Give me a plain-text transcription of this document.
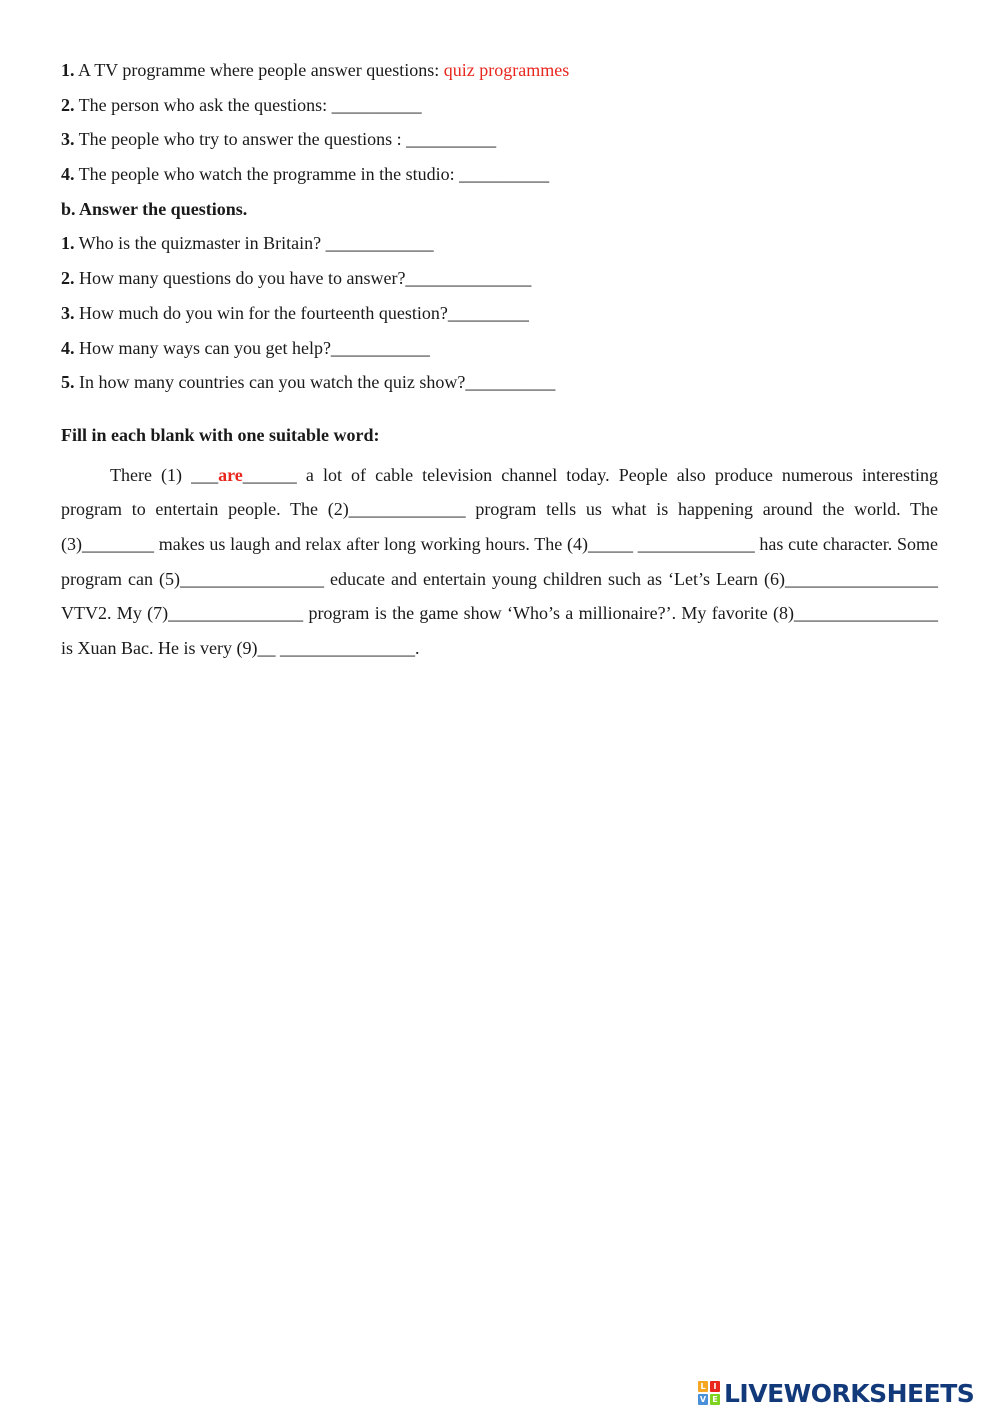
1. A TV programme where people answer questions: quiz programmes
2. The person who ask the questions: __________
3. The people who try to answer the questions : __________
4. The people who watch the programme in the studio: __________
b. Answer the questions.
1. Who is the quizmaster in Britain? ____________
2. How many questions do you have to answer?______________
3. How much do you win for the fourteenth question?_________
4. How many ways can you get help?___________
5. In how many countries can you watch the quiz show?__________
Fill in each blank with one suitable word:

There (1) ___are______ a lot of cable television channel today. People also produce numerous interesting program to entertain people. The (2)_____________ program tells us what is happening around the world. The (3)________ makes us laugh and relax after long working hours. The (4)_____ _____________ has cute character. Some program can (5)________________ educate and entertain young children such as ‘Let’s Learn (6)_________________ VTV2. My (7)_______________ program is the game show ‘Who’s a millionaire?’. My favorite (8)________________ is Xuan Bac. He is very (9)__ _______________.

L I
V E LIVEWORKSHEETS
